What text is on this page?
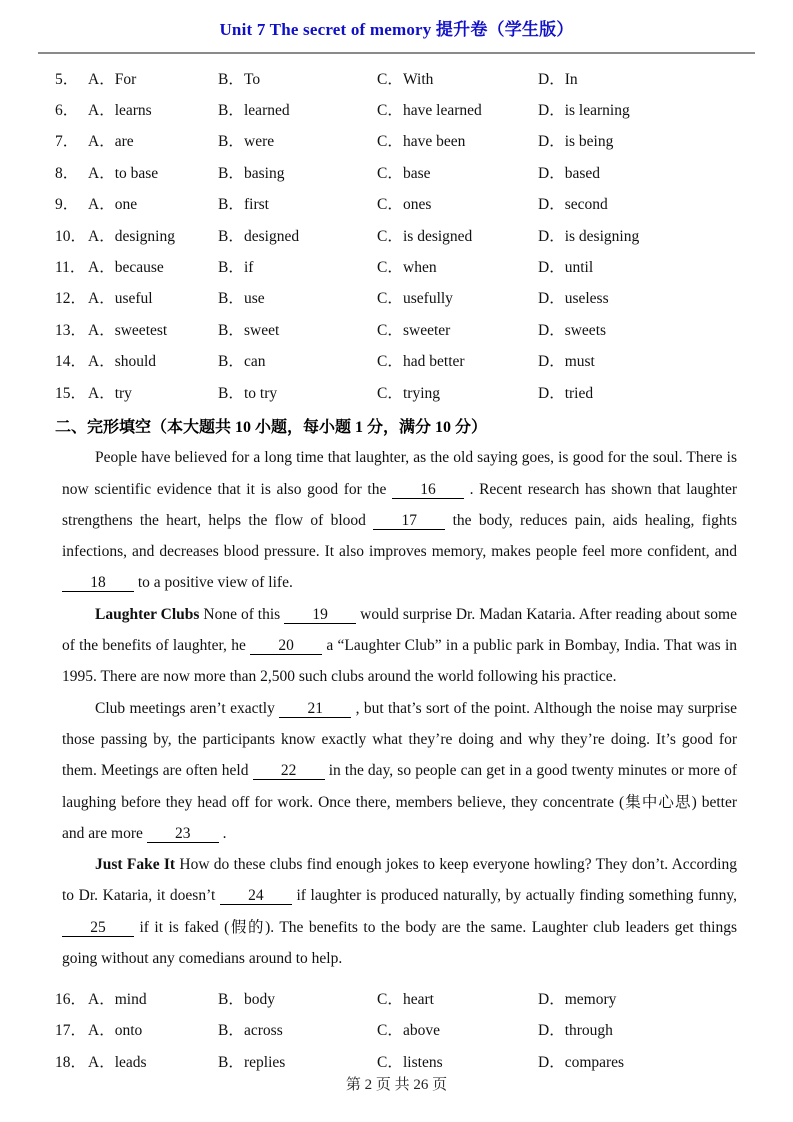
Unit 7 The secret of memory 提升卷（学生版）
5． A．For	B．To	C．With	D．In
6． A．learns	B．learned	C．have learned	D．is learning
7． A．are	B．were	C．have been	D．is being
8． A．to base	B．basing	C．base	D．based
9． A．one	B．first	C．ones	D．second
10． A．designing	B．designed	C．is designed	D．is designing
11． A．because	B．if	C．when	D．until
12． A．useful	B．use	C．usefully	D．useless
13． A．sweetest	B．sweet	C．sweeter	D．sweets
14． A．should	B．can	C．had better	D．must
15． A．try	B．to try	C．trying	D．tried
二、完形填空（本大题共 10 小题，每小题 1 分，满分 10 分）

People have believed for a long time that laughter, as the old saying goes, is good for the soul. There is now scientific evidence that it is also good for the 16 . Recent research has shown that laughter strengthens the heart, helps the flow of blood 17 the body, reduces pain, aids healing, fights infections, and decreases blood pressure. It also improves memory, makes people feel more confident, and 18 to a positive view of life.

Laughter Clubs None of this 19 would surprise Dr. Madan Kataria. After reading about some of the benefits of laughter, he 20 a “Laughter Club” in a public park in Bombay, India. That was in 1995. There are now more than 2,500 such clubs around the world following his practice.

Club meetings aren’t exactly 21 , but that’s sort of the point. Although the noise may surprise those passing by, the participants know exactly what they’re doing and why they’re doing. It’s good for them. Meetings are often held 22 in the day, so people can get in a good twenty minutes or more of laughing before they head off for work. Once there, members believe, they concentrate (集中心思) better and are more 23 .

Just Fake It How do these clubs find enough jokes to keep everyone howling? They don’t. According to Dr. Kataria, it doesn’t 24 if laughter is produced naturally, by actually finding something funny, 25 if it is faked (假的). The benefits to the body are the same. Laughter club leaders get things going without any comedians around to help.

16． A．mind	B．body	C．heart	D．memory
17． A．onto	B．across	C．above	D．through
18． A．leads	B．replies	C．listens	D．compares
第 2 页 共 26 页
